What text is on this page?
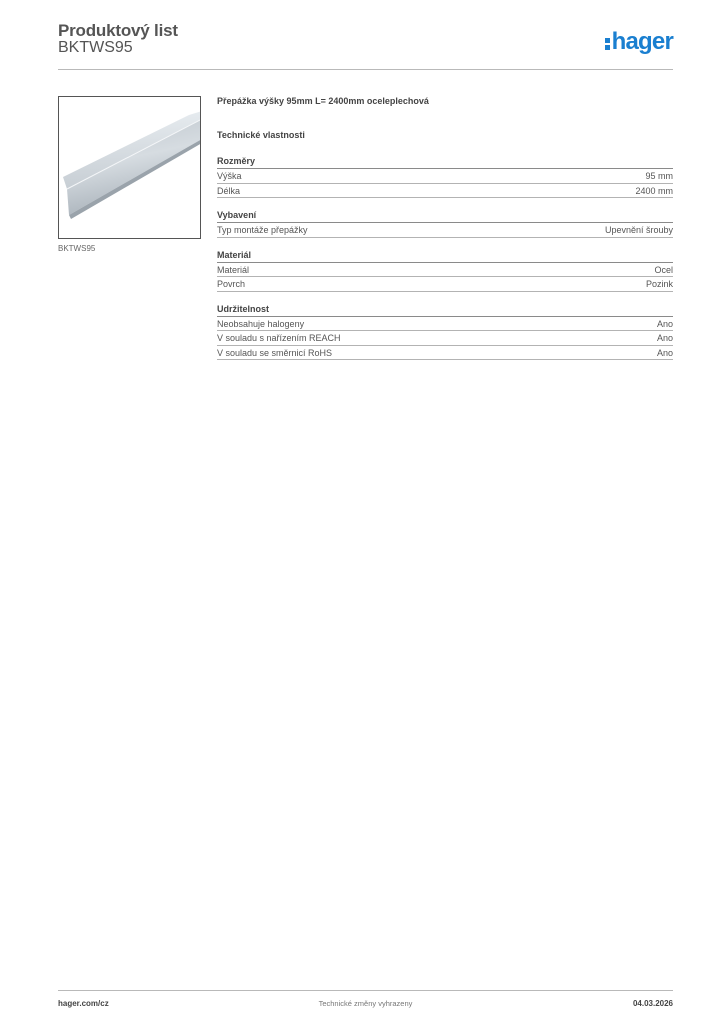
Produktový list
BKTWS95	hager
BKTWS95
Přepážka výšky 95mm L= 2400mm oceleplechová
Technické vlastnosti
Rozměry
Výška	95 mm
Délka	2400 mm
Vybavení
Typ montáže přepážky	Upevnění šrouby
Materiál
Materiál	Ocel
Povrch	Pozink
Udržitelnost
Neobsahuje halogeny	Ano
V souladu s nařízením REACH	Ano
V souladu se směrnicí RoHS	Ano
hager.com/cz	Technické změny vyhrazeny	04.03.2026
